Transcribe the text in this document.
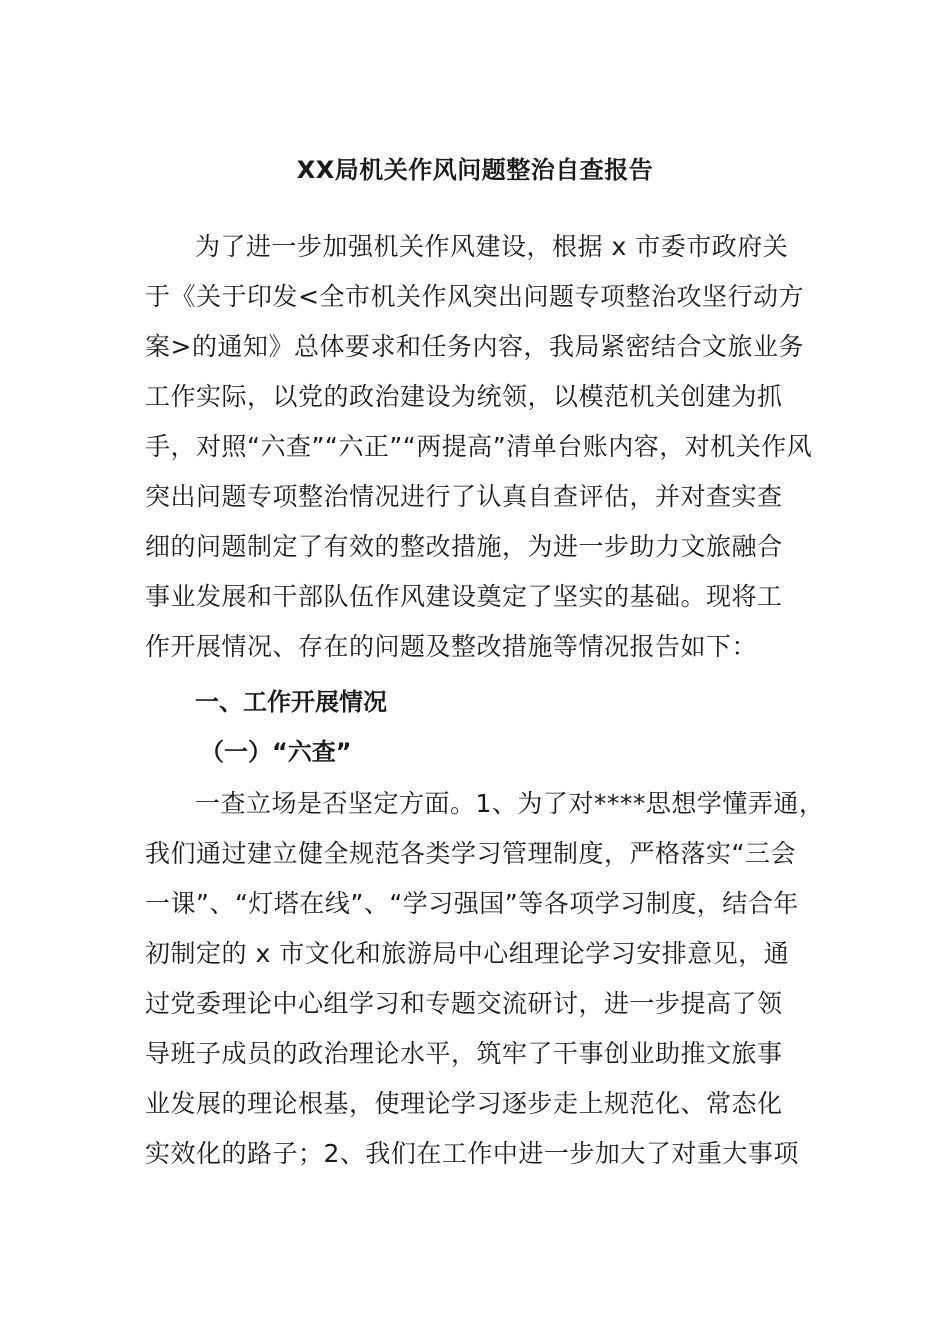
XX局机关作风问题整治自查报告
为了进一步加强机关作风建设，根据 x 市委市政府关
于《关于印发<全市机关作风突出问题专项整治攻坚行动方
案>的通知》总体要求和任务内容，我局紧密结合文旅业务
工作实际，以党的政治建设为统领，以模范机关创建为抓
手，对照“六查”“六正”“两提高”清单台账内容，对机关作风
突出问题专项整治情况进行了认真自查评估，并对查实查
细的问题制定了有效的整改措施，为进一步助力文旅融合
事业发展和干部队伍作风建设奠定了坚实的基础。现将工
作开展情况、存在的问题及整改措施等情况报告如下：
一、工作开展情况
（一）“六查”
一查立场是否坚定方面。1、为了对****思想学懂弄通，
我们通过建立健全规范各类学习管理制度，严格落实“三会
一课”、“灯塔在线”、“学习强国”等各项学习制度，结合年
初制定的 x 市文化和旅游局中心组理论学习安排意见，通
过党委理论中心组学习和专题交流研讨，进一步提高了领
导班子成员的政治理论水平，筑牢了干事创业助推文旅事
业发展的理论根基，使理论学习逐步走上规范化、常态化
实效化的路子；2、我们在工作中进一步加大了对重大事项
